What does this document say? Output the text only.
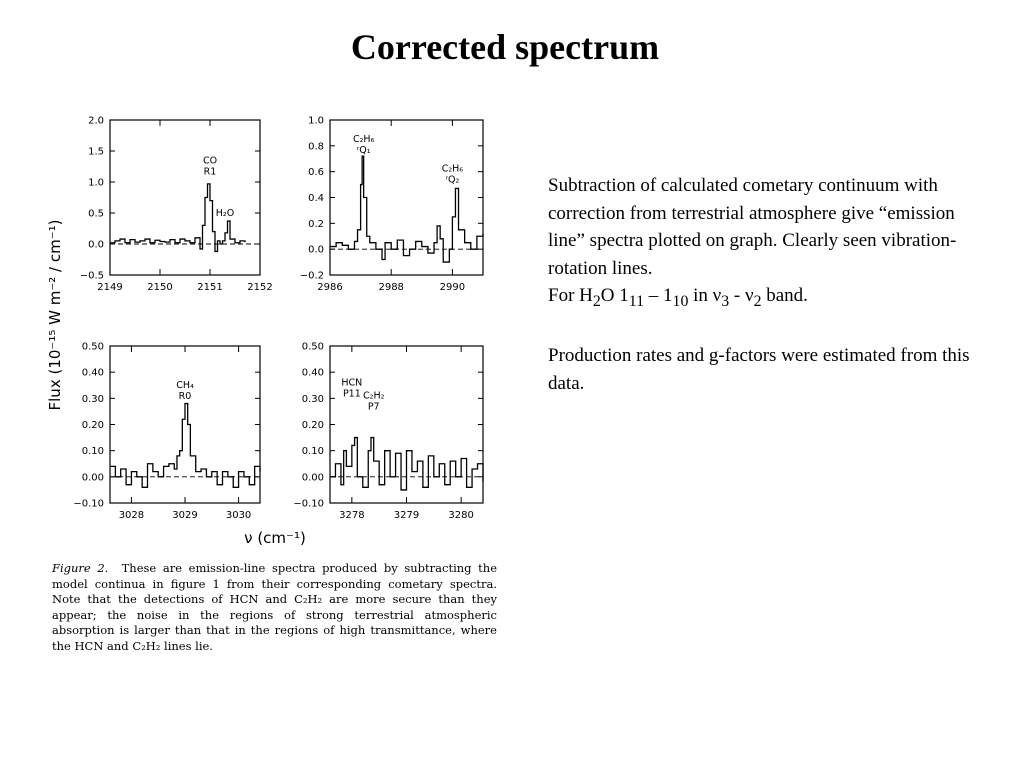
Corrected spectrum

Subtraction of calculated cometary continuum with correction from terrestrial atmosphere give “emission line” spectra plotted on graph. Clearly seen vibration-rotation lines.

For $H_2O$ $1_{11} - 1_{10}$ in $\nu_3 - \nu_2$ band.

Production rates and g-factors were estimated from this data.

Flux (10⁻¹⁵ W m⁻² / cm⁻¹)
ν (cm⁻¹)
2.0
1.5
1.0
0.5
0.0
−0.5
2149 2150 2151 2152
CO
R1
H₂O
1.0
0.8
0.6
0.4
0.2
0.0
−0.2
2986	2988	2990
C₂H₆
ʳQ₁
C₂H₆
ʳQ₂
0.50
0.40
0.30
0.20
0.10
0.00
−0.10
3028	3029	3030
CH₄
R0
0.50
0.40
0.30
0.20
0.10
0.00
−0.10
3278	3279	3280
HCN
P11 C₂H₂
P7
Figure 2. These are emission-line spectra produced by subtracting the model continua in figure 1 from their corresponding cometary spectra. Note that the detections of HCN and C₂H₂ are more secure than they appear; the noise in the regions of strong terrestrial atmospheric absorption is larger than that in the regions of high transmittance, where the HCN and C₂H₂ lines lie.
